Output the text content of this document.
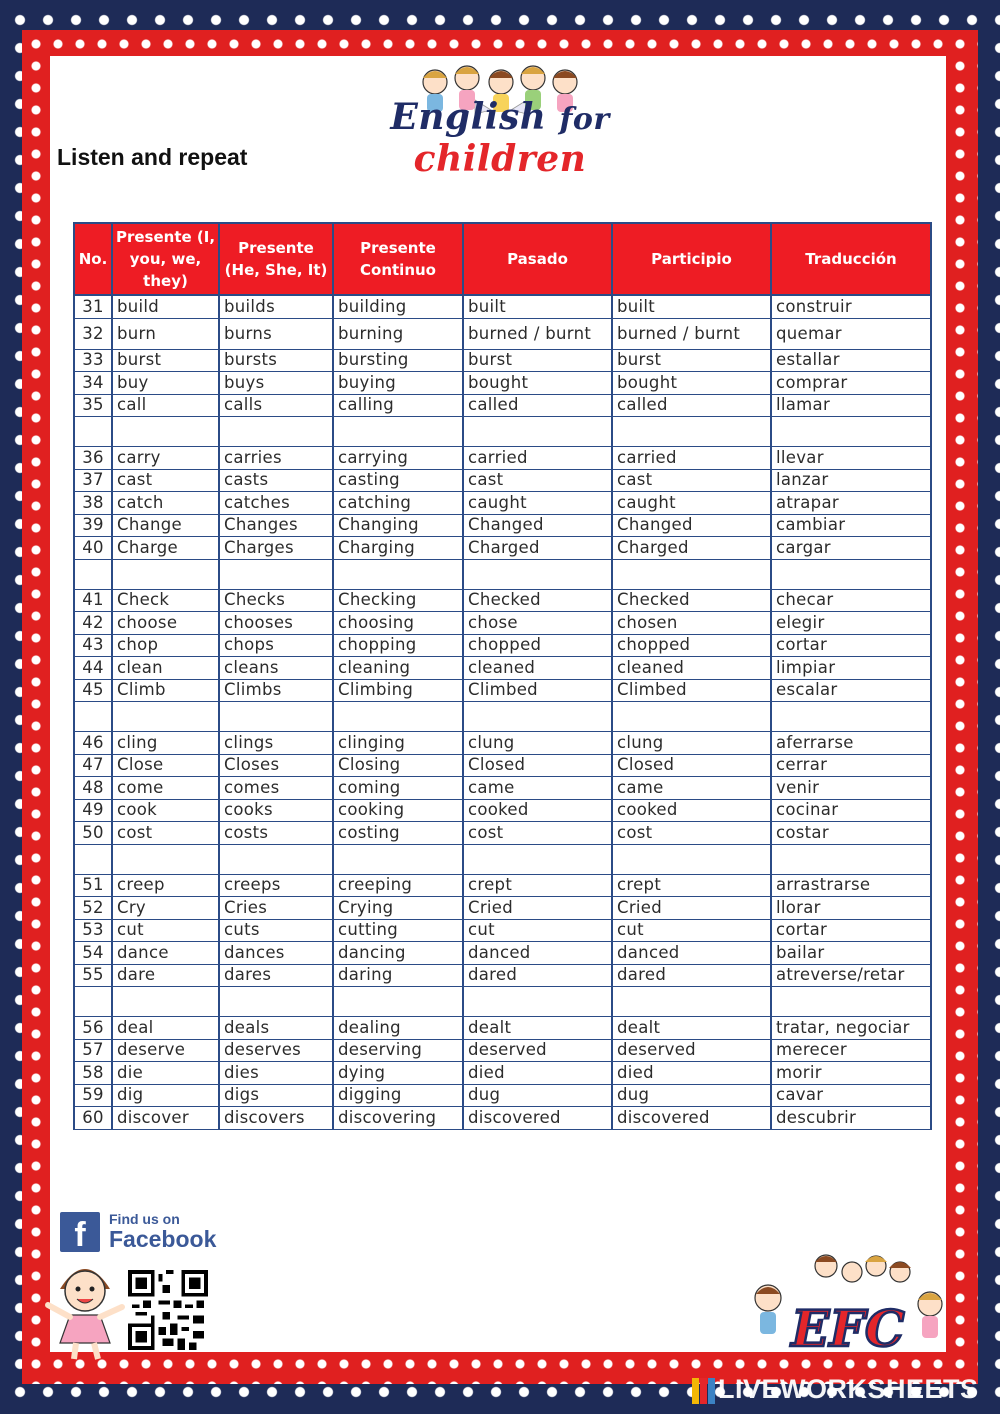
English for children
Listen and repeat
No.	Presente (I, you, we, they)	Presente (He, She, It)	Presente Continuo	Pasado	Participio	Traducción
31	build	builds	building	built	built	construir
32	burn	burns	burning	burned / burnt	burned / burnt	quemar
33	burst	bursts	bursting	burst	burst	estallar
34	buy	buys	buying	bought	bought	comprar
35	call	calls	calling	called	called	llamar

36	carry	carries	carrying	carried	carried	llevar
37	cast	casts	casting	cast	cast	lanzar
38	catch	catches	catching	caught	caught	atrapar
39	Change	Changes	Changing	Changed	Changed	cambiar
40	Charge	Charges	Charging	Charged	Charged	cargar

41	Check	Checks	Checking	Checked	Checked	checar
42	choose	chooses	choosing	chose	chosen	elegir
43	chop	chops	chopping	chopped	chopped	cortar
44	clean	cleans	cleaning	cleaned	cleaned	limpiar
45	Climb	Climbs	Climbing	Climbed	Climbed	escalar

46	cling	clings	clinging	clung	clung	aferrarse
47	Close	Closes	Closing	Closed	Closed	cerrar
48	come	comes	coming	came	came	venir
49	cook	cooks	cooking	cooked	cooked	cocinar
50	cost	costs	costing	cost	cost	costar

51	creep	creeps	creeping	crept	crept	arrastrarse
52	Cry	Cries	Crying	Cried	Cried	llorar
53	cut	cuts	cutting	cut	cut	cortar
54	dance	dances	dancing	danced	danced	bailar
55	dare	dares	daring	dared	dared	atreverse/retar

56	deal	deals	dealing	dealt	dealt	tratar, negociar
57	deserve	deserves	deserving	deserved	deserved	merecer
58	die	dies	dying	died	died	morir
59	dig	digs	digging	dug	dug	cavar
60	discover	discovers	discovering	discovered	discovered	descubrir
f	Find us on
Facebook
EFC
LIVEWORKSHEETS
